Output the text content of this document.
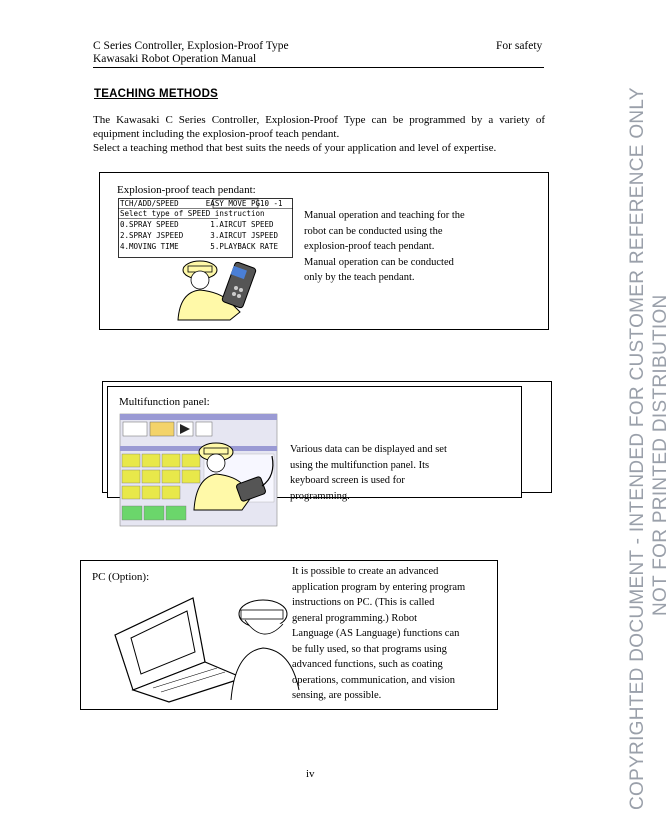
C Series Controller, Explosion-Proof Type
Kawasaki Robot Operation Manual
For safety
TEACHING METHODS
The Kawasaki C Series Controller, Explosion-Proof Type can be programmed by a variety of
equipment including the explosion-proof teach pendant.
Select a teaching method that best suits the needs of your application and level of expertise.
Explosion-proof teach pendant:
TCH/ADD/SPEED      EASY MOVE PG10 -1
Select type of SPEED instruction
0.SPRAY SPEED       1.AIRCUT SPEED
2.SPRAY JSPEED      3.AIRCUT JSPEED
4.MOVING TIME       5.PLAYBACK RATE
Manual operation and teaching for the
robot can be conducted using the
explosion-proof teach pendant.
Manual operation can be conducted
only by the teach pendant.
Multifunction panel:
Various data can be displayed and set
using the multifunction panel. Its
keyboard screen is used for
programming.
PC (Option):	It is possible to create an advanced
application program by entering program
instructions on PC. (This is called
general programming.) Robot
Language (AS Language) functions can
be fully used, so that programs using
advanced functions, such as coating
operations, communication, and vision
sensing, are possible.
iv	COPYRIGHTED DOCUMENT - INTENDED FOR CUSTOMER REFERENCE ONLY NOT FOR PRINTED DISTRIBUTION
